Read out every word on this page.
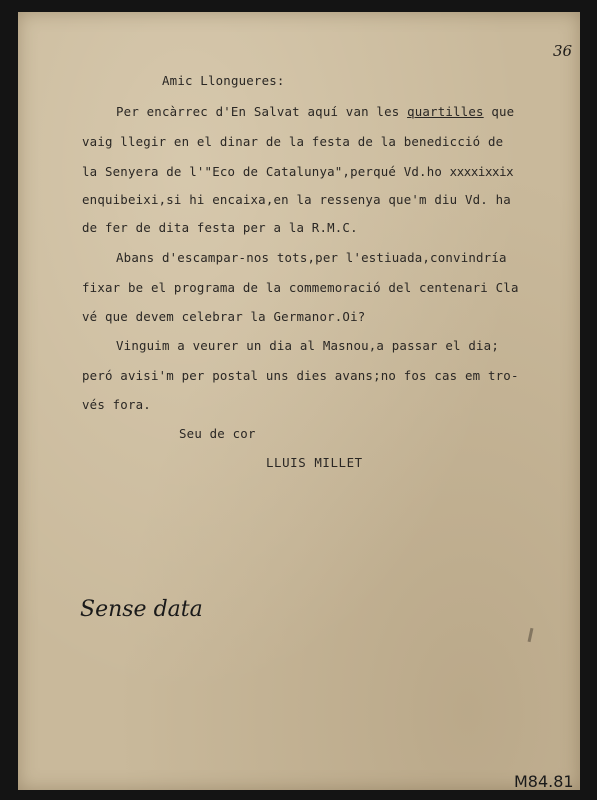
36
Amic Llongueres:
Per encàrrec d'En Salvat aquí van les quartilles que
vaig llegir en el dinar de la festa de la benedicció de
la Senyera de l'"Eco de Catalunya",perqué Vd.ho xxxxixxix
enquibeixi,si hi encaixa,en la ressenya que'm diu Vd. ha
de fer de dita festa per a la R.M.C.
Abans d'escampar-nos tots,per l'estiuada,convindría
fixar be el programa de la commemoració del centenari Cla
vé que devem celebrar la Germanor.Oi?
Vinguim a veurer un dia al Masnou,a passar el dia;
peró avisi'm per postal uns dies avans;no fos cas em tro-
vés fora.
Seu de cor
LLUIS MILLET
Sense data
M84.81
